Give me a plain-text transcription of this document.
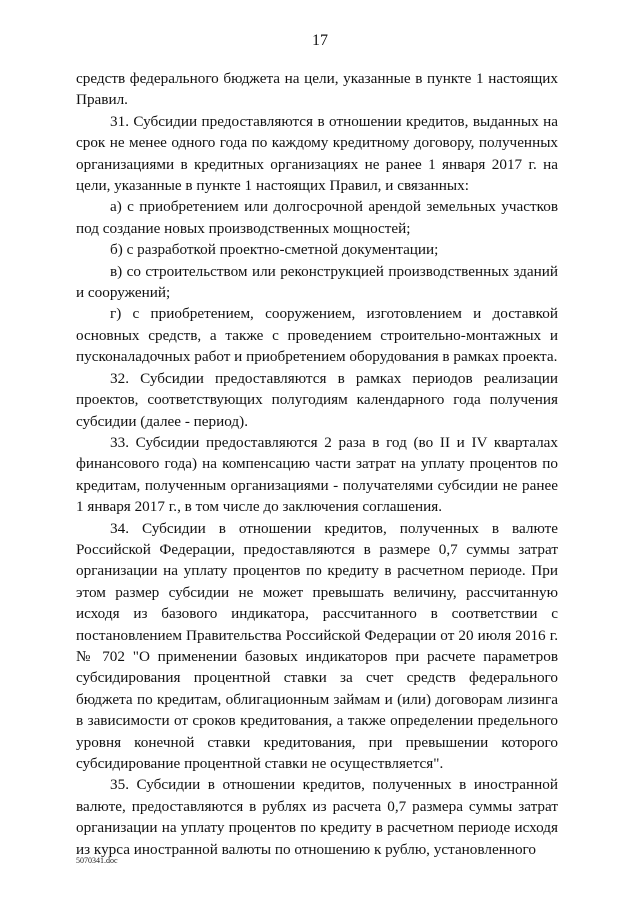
17

средств федерального бюджета на цели, указанные в пункте 1 настоящих Правил.

31. Субсидии предоставляются в отношении кредитов, выданных на срок не менее одного года по каждому кредитному договору, полученных организациями в кредитных организациях не ранее 1 января 2017 г. на цели, указанные в пункте 1 настоящих Правил, и связанных:

а) с приобретением или долгосрочной арендой земельных участков под создание новых производственных мощностей;

б) с разработкой проектно-сметной документации;

в) со строительством или реконструкцией производственных зданий и сооружений;

г) с приобретением, сооружением, изготовлением и доставкой основных средств, а также с проведением строительно-монтажных и пусконаладочных работ и приобретением оборудования в рамках проекта.

32. Субсидии предоставляются в рамках периодов реализации проектов, соответствующих полугодиям календарного года получения субсидии (далее - период).

33. Субсидии предоставляются 2 раза в год (во II и IV кварталах финансового года) на компенсацию части затрат на уплату процентов по кредитам, полученным организациями - получателями субсидии не ранее 1 января 2017 г., в том числе до заключения соглашения.

34. Субсидии в отношении кредитов, полученных в валюте Российской Федерации, предоставляются в размере 0,7 суммы затрат организации на уплату процентов по кредиту в расчетном периоде. При этом размер субсидии не может превышать величину, рассчитанную исходя из базового индикатора, рассчитанного в соответствии с постановлением Правительства Российской Федерации от 20 июля 2016 г. № 702 "О применении базовых индикаторов при расчете параметров субсидирования процентной ставки за счет средств федерального бюджета по кредитам, облигационным займам и (или) договорам лизинга в зависимости от сроков кредитования, а также определении предельного уровня конечной ставки кредитования, при превышении которого субсидирование процентной ставки не осуществляется".

35. Субсидии в отношении кредитов, полученных в иностранной валюте, предоставляются в рублях из расчета 0,7 размера суммы затрат организации на уплату процентов по кредиту в расчетном периоде исходя из курса иностранной валюты по отношению к рублю, установленного

5070341.doc
